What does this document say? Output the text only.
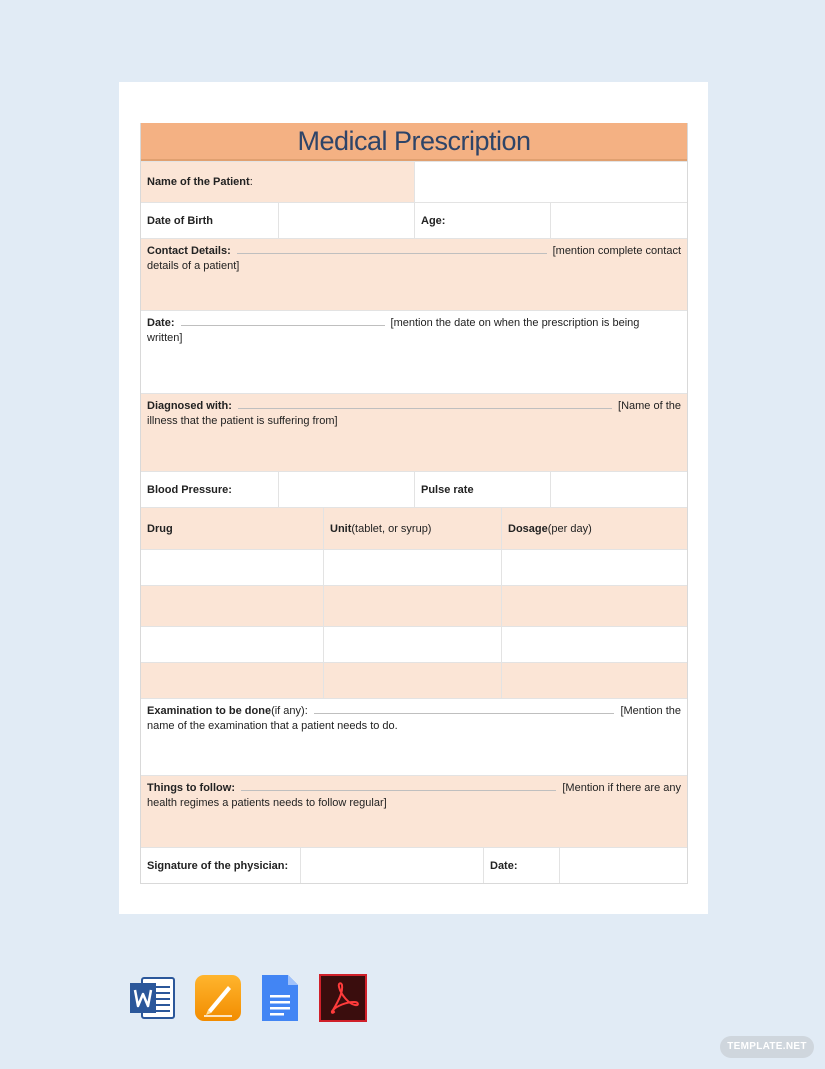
Medical Prescription
Name of the Patient :
Date of Birth	Age:
Contact Details:	[mention complete contact
details of a patient]
Date:	[mention the date on when the prescription is being
written]
Diagnosed with:	[Name of the
illness that the patient is suffering from]
Blood Pressure:	Pulse rate
Drug	Unit (tablet, or syrup)	Dosage (per day)
Examination to be done (if any):	[Mention the
name of the examination that a patient needs to do.
Things to follow:	[Mention if there are any
health regimes a patients needs to follow regular]
Signature of the physician:	Date:
TEMPLATE.NET
